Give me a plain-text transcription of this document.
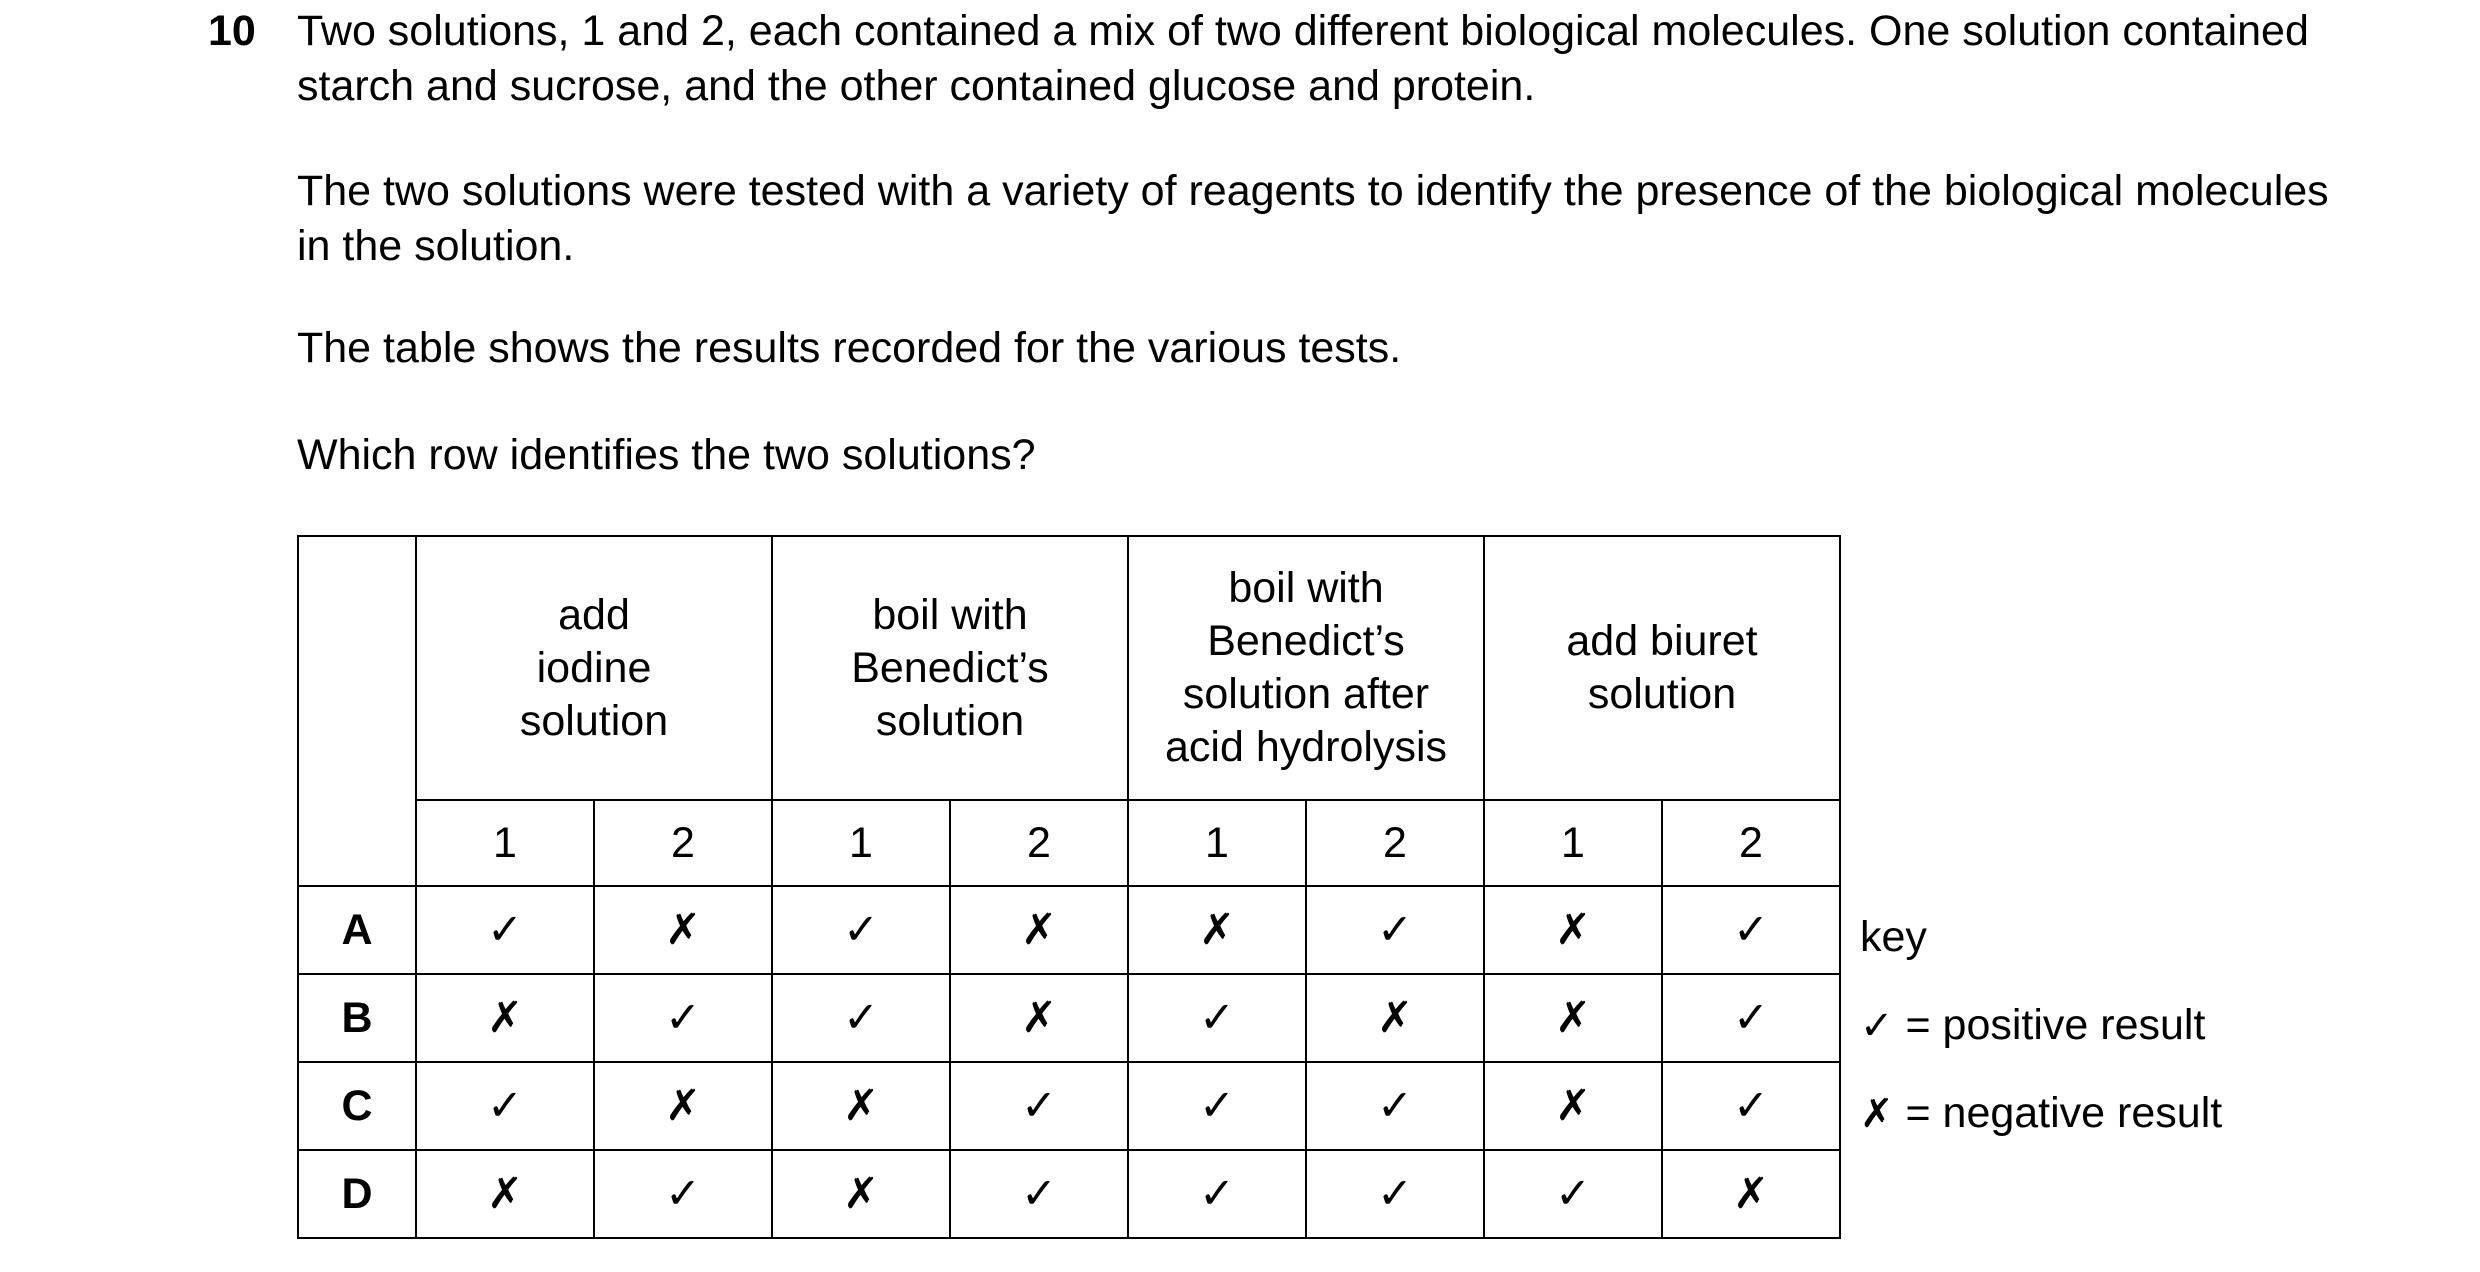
10 Two solutions, 1 and 2, each contained a mix of two different biological molecules. One solution contained starch and sucrose, and the other contained glucose and protein.
The two solutions were tested with a variety of reagents to identify the presence of the biological molecules in the solution.
The table shows the results recorded for the various tests.
Which row identifies the two solutions?

	add iodine solution		boil with Benedict’s solution		boil with Benedict’s solution after acid hydrolysis		add biuret solution	

	1	2	1	2	1	2	1	2
A	✓	✗	✓	✗	✗	✓	✗	✓
B	✗	✓	✓	✗	✓	✗	✗	✓
C	✓	✗	✗	✓	✓	✓	✗	✓
D	✗	✓	✗	✓	✓	✓	✓	✗
key
✓ = positive result
✗ = negative result
